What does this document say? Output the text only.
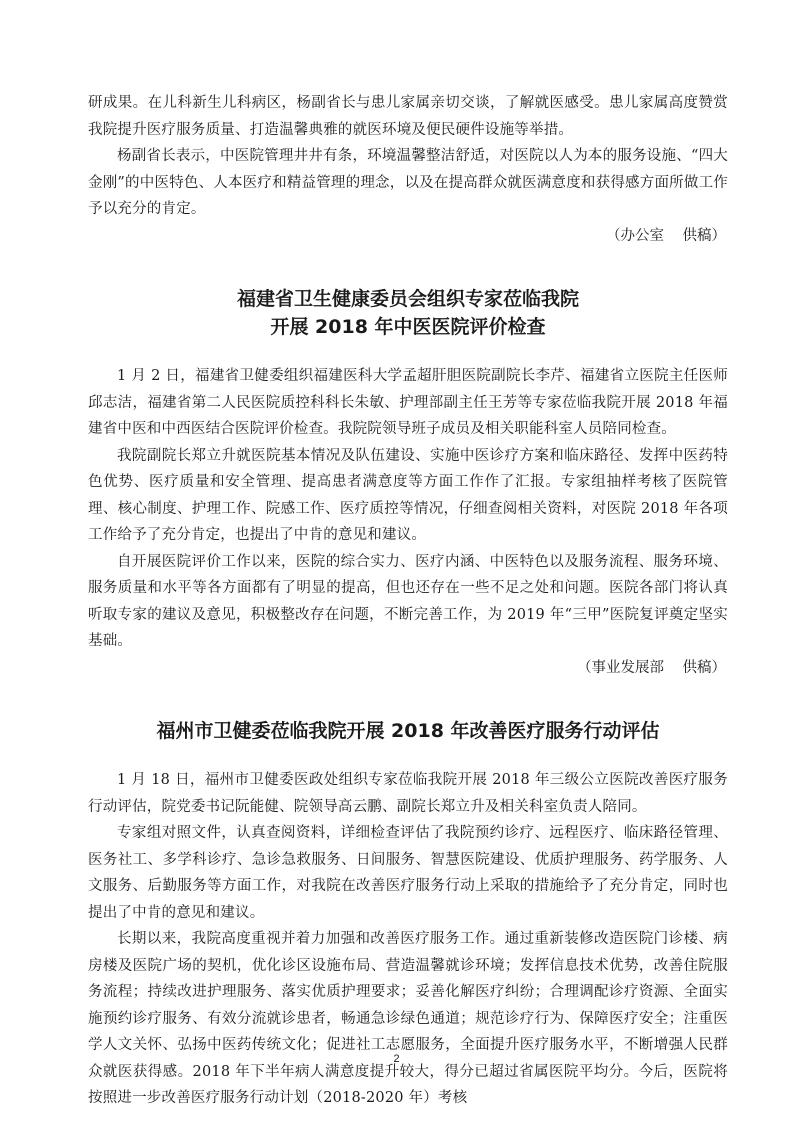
研成果。在儿科新生儿科病区，杨副省长与患儿家属亲切交谈，了解就医感受。患儿家属高度赞赏我院提升医疗服务质量、打造温馨典雅的就医环境及便民硬件设施等举措。

杨副省长表示，中医院管理井井有条，环境温馨整洁舒适，对医院以人为本的服务设施、“四大金刚”的中医特色、人本医疗和精益管理的理念，以及在提高群众就医满意度和获得感方面所做工作予以充分的肯定。

（办公室    供稿）

福建省卫生健康委员会组织专家莅临我院
开展 2018 年中医医院评价检查

1 月 2 日，福建省卫健委组织福建医科大学孟超肝胆医院副院长李芹、福建省立医院主任医师邱志洁，福建省第二人民医院质控科科长朱敏、护理部副主任王芳等专家莅临我院开展 2018 年福建省中医和中西医结合医院评价检查。我院院领导班子成员及相关职能科室人员陪同检查。

我院副院长郑立升就医院基本情况及队伍建设、实施中医诊疗方案和临床路径、发挥中医药特色优势、医疗质量和安全管理、提高患者满意度等方面工作作了汇报。专家组抽样考核了医院管理、核心制度、护理工作、院感工作、医疗质控等情况，仔细查阅相关资料，对医院 2018 年各项工作给予了充分肯定，也提出了中肯的意见和建议。

自开展医院评价工作以来，医院的综合实力、医疗内涵、中医特色以及服务流程、服务环境、服务质量和水平等各方面都有了明显的提高，但也还存在一些不足之处和问题。医院各部门将认真听取专家的建议及意见，积极整改存在问题，不断完善工作，为 2019 年“三甲”医院复评奠定坚实基础。

（事业发展部    供稿）

福州市卫健委莅临我院开展 2018 年改善医疗服务行动评估

1 月 18 日，福州市卫健委医政处组织专家莅临我院开展 2018 年三级公立医院改善医疗服务行动评估，院党委书记阮能健、院领导高云鹏、副院长郑立升及相关科室负责人陪同。

专家组对照文件，认真查阅资料，详细检查评估了我院预约诊疗、远程医疗、临床路径管理、医务社工、多学科诊疗、急诊急救服务、日间服务、智慧医院建设、优质护理服务、药学服务、人文服务、后勤服务等方面工作，对我院在改善医疗服务行动上采取的措施给予了充分肯定，同时也提出了中肯的意见和建议。

长期以来，我院高度重视并着力加强和改善医疗服务工作。通过重新装修改造医院门诊楼、病房楼及医院广场的契机，优化诊区设施布局、营造温馨就诊环境；发挥信息技术优势，改善住院服务流程；持续改进护理服务、落实优质护理要求；妥善化解医疗纠纷；合理调配诊疗资源、全面实施预约诊疗服务、有效分流就诊患者，畅通急诊绿色通道；规范诊疗行为、保障医疗安全；注重医学人文关怀、弘扬中医药传统文化；促进社工志愿服务，全面提升医疗服务水平，不断增强人民群众就医获得感。2018 年下半年病人满意度提升较大，得分已超过省属医院平均分。今后，医院将按照进一步改善医疗服务行动计划（2018-2020 年）考核

2
